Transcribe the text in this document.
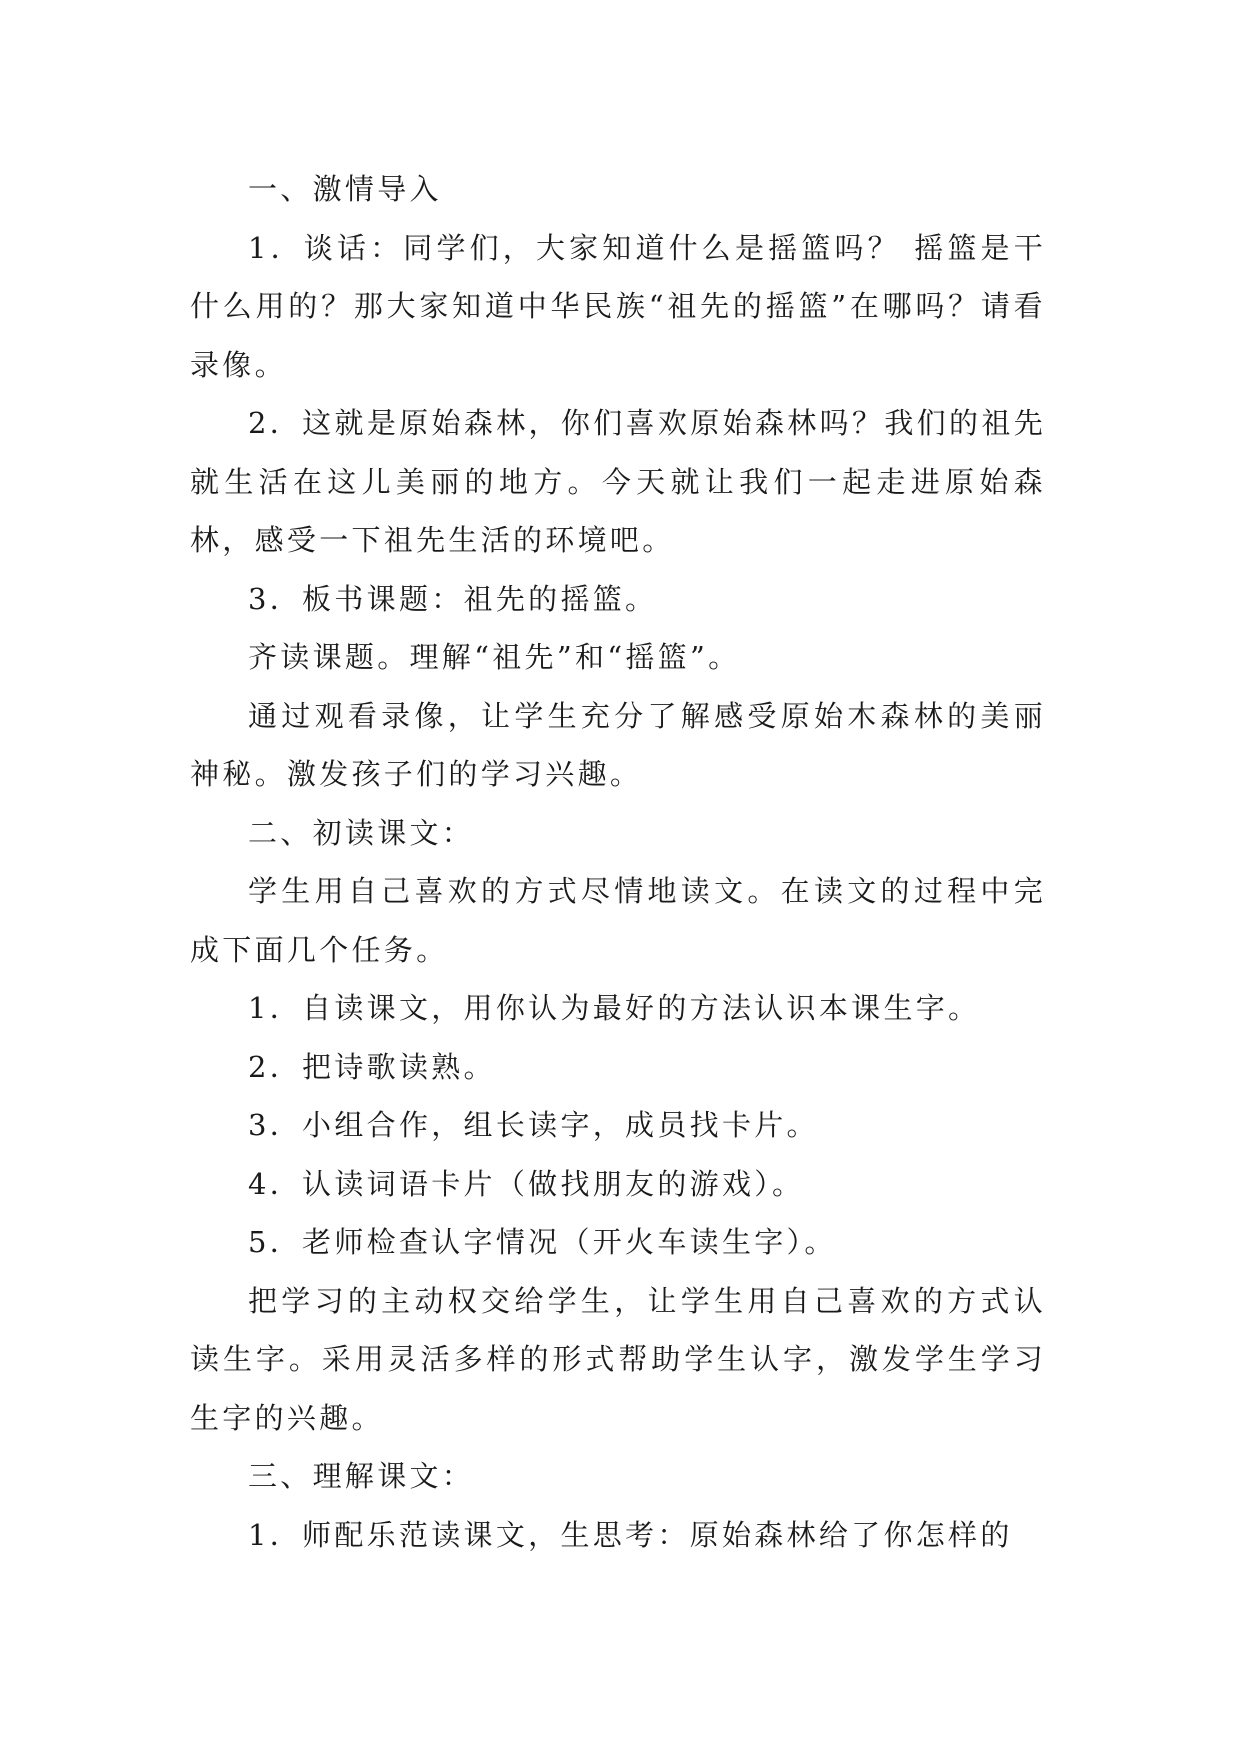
一、激情导入

1．谈话：同学们，大家知道什么是摇篮吗？ 摇篮是干什么用的？那大家知道中华民族“祖先的摇篮”在哪吗？请看录像。

2．这就是原始森林，你们喜欢原始森林吗？我们的祖先就生活在这儿美丽的地方。今天就让我们一起走进原始森林，感受一下祖先生活的环境吧。

3．板书课题：祖先的摇篮。

齐读课题。理解“祖先”和“摇篮”。

通过观看录像，让学生充分了解感受原始木森林的美丽神秘。激发孩子们的学习兴趣。

二、初读课文：

学生用自己喜欢的方式尽情地读文。在读文的过程中完成下面几个任务。

1．自读课文，用你认为最好的方法认识本课生字。

2．把诗歌读熟。

3．小组合作，组长读字，成员找卡片。

4．认读词语卡片（做找朋友的游戏）。

5．老师检查认字情况（开火车读生字）。

把学习的主动权交给学生，让学生用自己喜欢的方式认读生字。采用灵活多样的形式帮助学生认字，激发学生学习生字的兴趣。

三、理解课文：

1．师配乐范读课文，生思考：原始森林给了你怎样的
